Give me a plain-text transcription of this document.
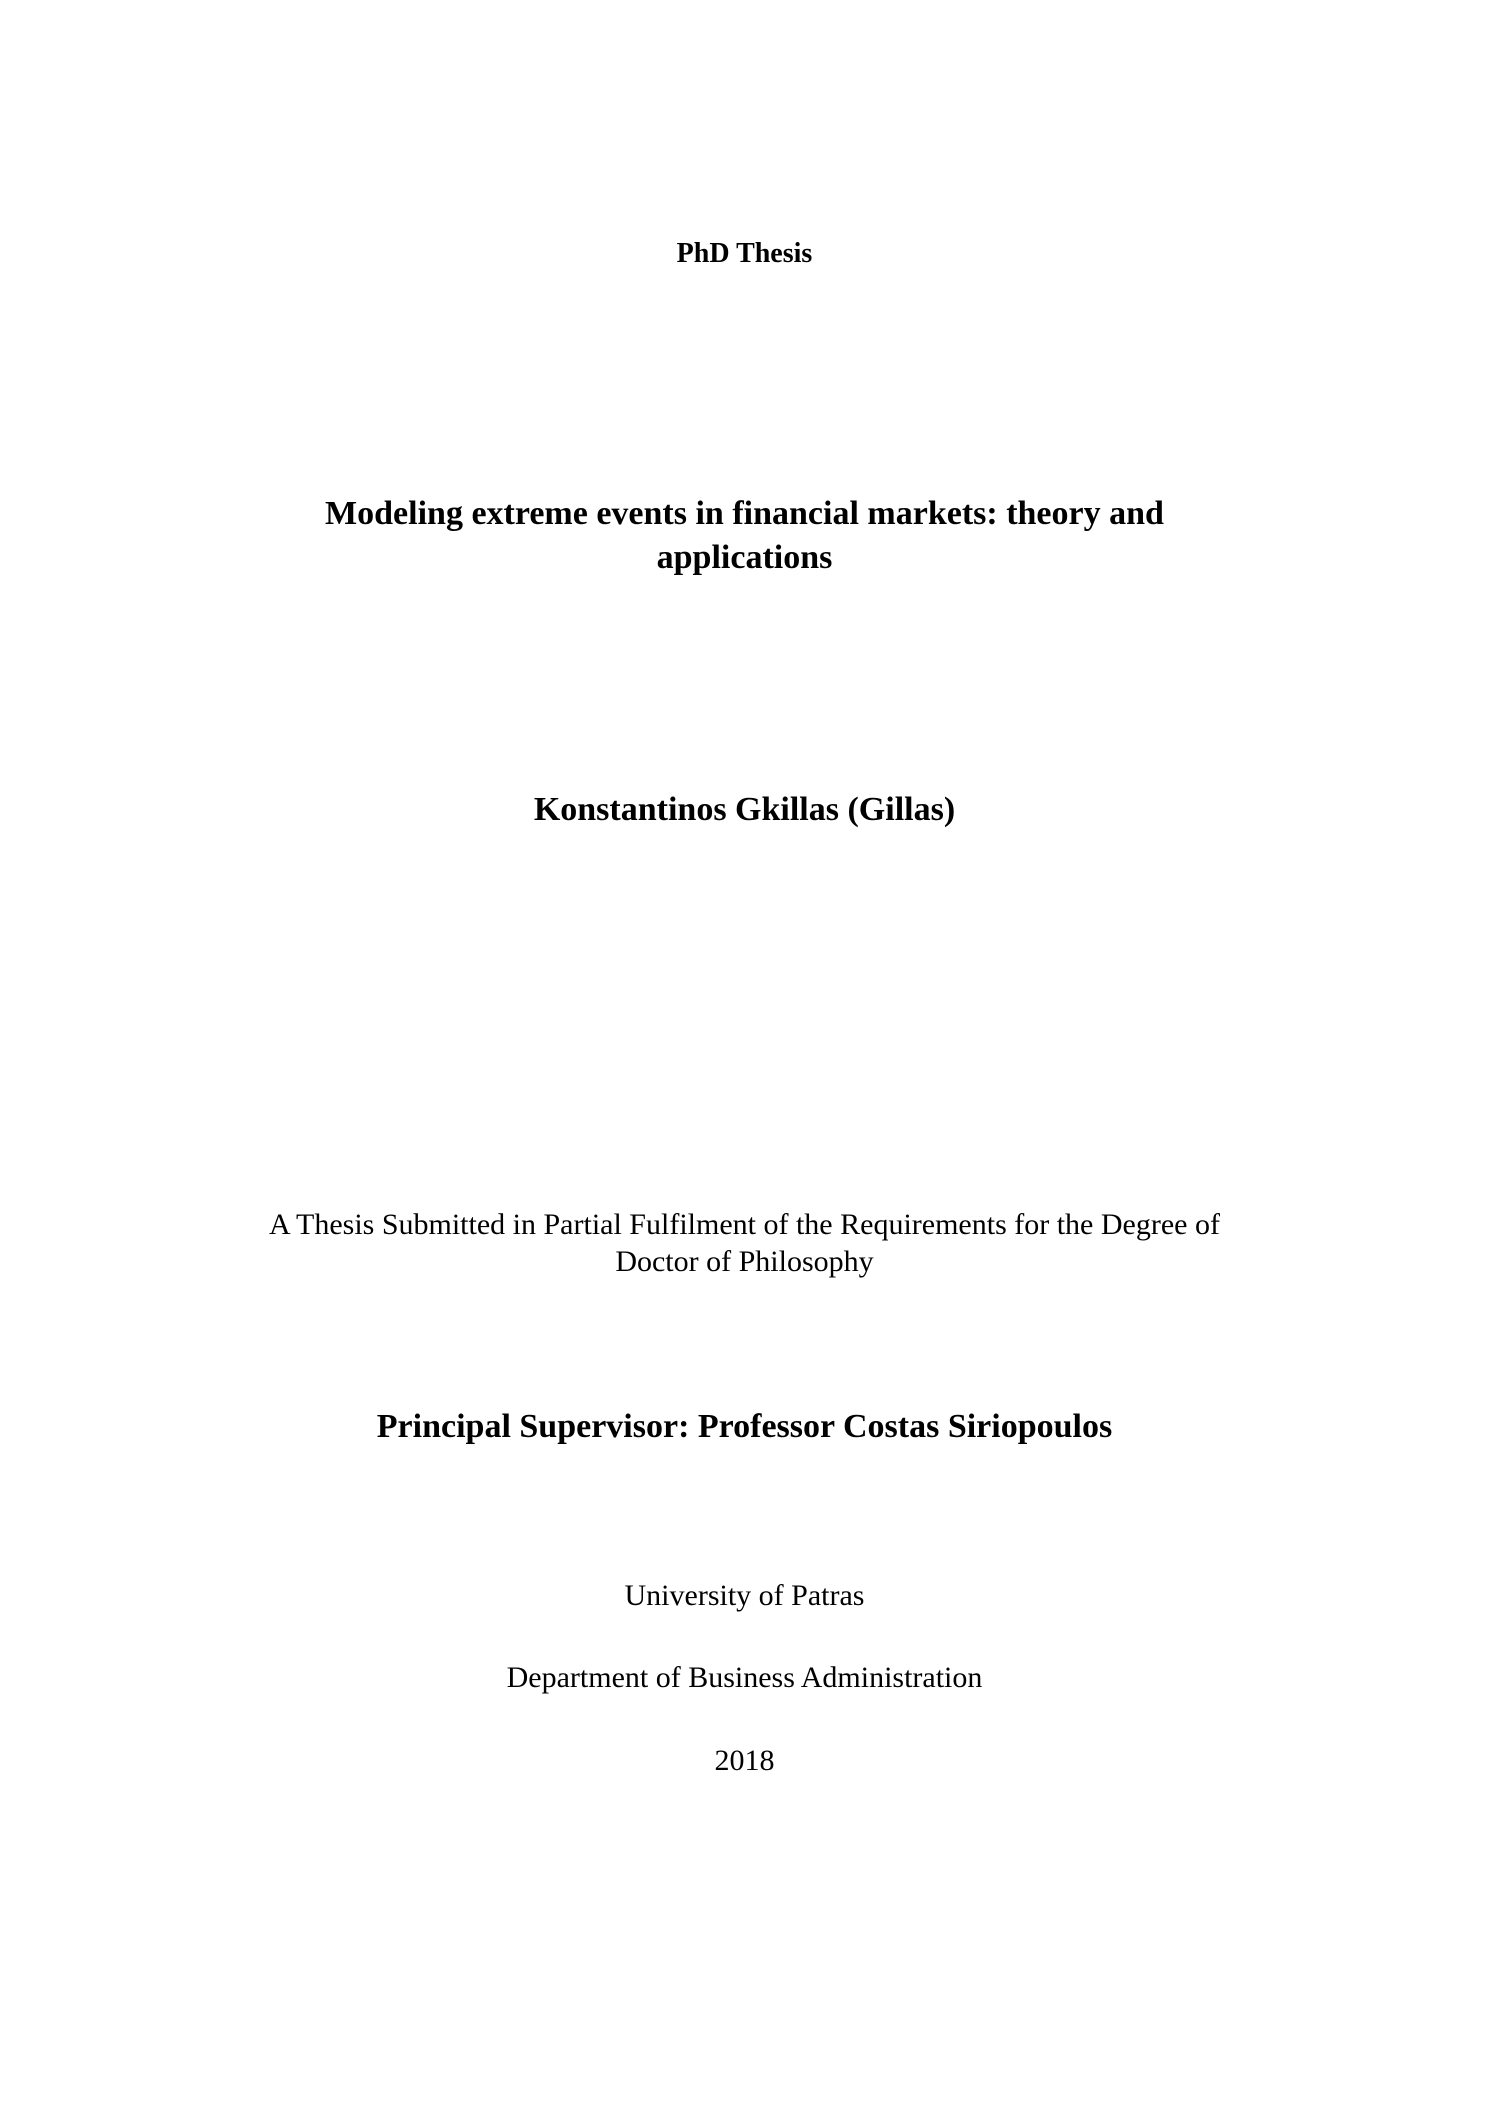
PhD Thesis

Modeling extreme events in financial markets: theory and
applications

Konstantinos Gkillas (Gillas)

A Thesis Submitted in Partial Fulfilment of the Requirements for the Degree of
Doctor of Philosophy

Principal Supervisor: Professor Costas Siriopoulos

University of Patras

Department of Business Administration

2018
